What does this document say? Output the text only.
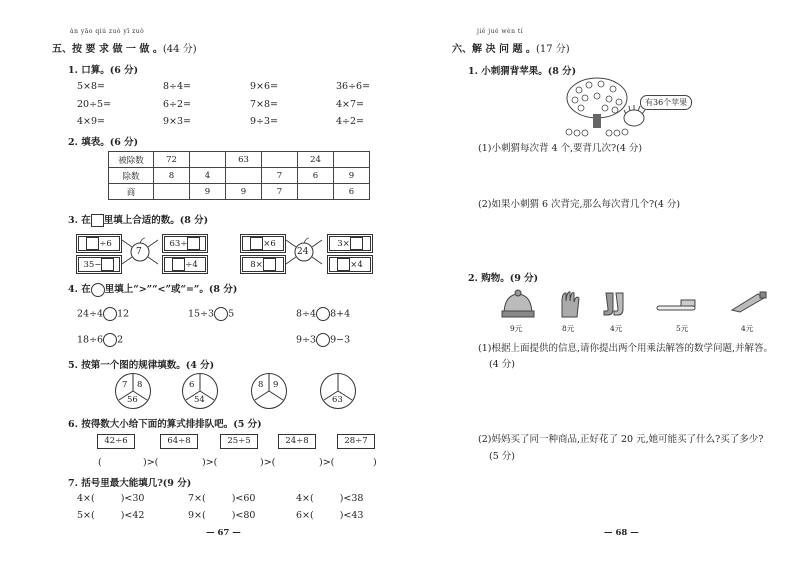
àn yāo qiú zuò yī zuò
五、按 要 求 做 一 做 。(44 分)
1. 口算。(6 分)
5×8=	8÷4=	9×6=	36÷6=
20÷5=	6÷2=	7×8=	4×7=
4×9=	9×3=	9÷3=	4÷2=
2. 填表。(6 分)
被除数	72		63		24	
除数	8	4		7	6	9
商		9	9	7		6
3. 在 里填上合适的数。(8 分)
÷6	63÷
35−	÷4
7
×6	3×
8×	×4
24
4. 在 里填上“>”“<”或“=”。(8 分)
24÷4 12	15÷3 5	8÷4 8+4
18÷6 2	9÷3 9−3
5. 按第一个图的规律填数。(4 分)
7 8
56
6
54
8 9
63
6. 按得数大小给下面的算式排排队吧。(5 分)
42÷6	64÷8	25÷5	24÷8	28÷7
(	)>(	)>(	)>(	)>(	)
7. 括号里最大能填几?(9 分)
4×(	)<30	7×(	)<60	4×(	)<38
5×(	)<42	9×(	)<80	6×(	)<43
— 67 —
jiě jué wèn tí
六、解 决 问 题 。(17 分)
1. 小刺猬背苹果。(8 分)
有36个苹果
(1)小刺猬每次背 4 个,要背几次?(4 分)
(2)如果小刺猬 6 次背完,那么每次背几个?(4 分)
2. 购物。(9 分)
9元	8元	4元	5元	4元
(1)根据上面提供的信息,请你提出两个用乘法解答的数学问题,并解答。
(4 分)
(2)妈妈买了同一种商品,正好花了 20 元,她可能买了什么?买了多少?
(5 分)
— 68 —
